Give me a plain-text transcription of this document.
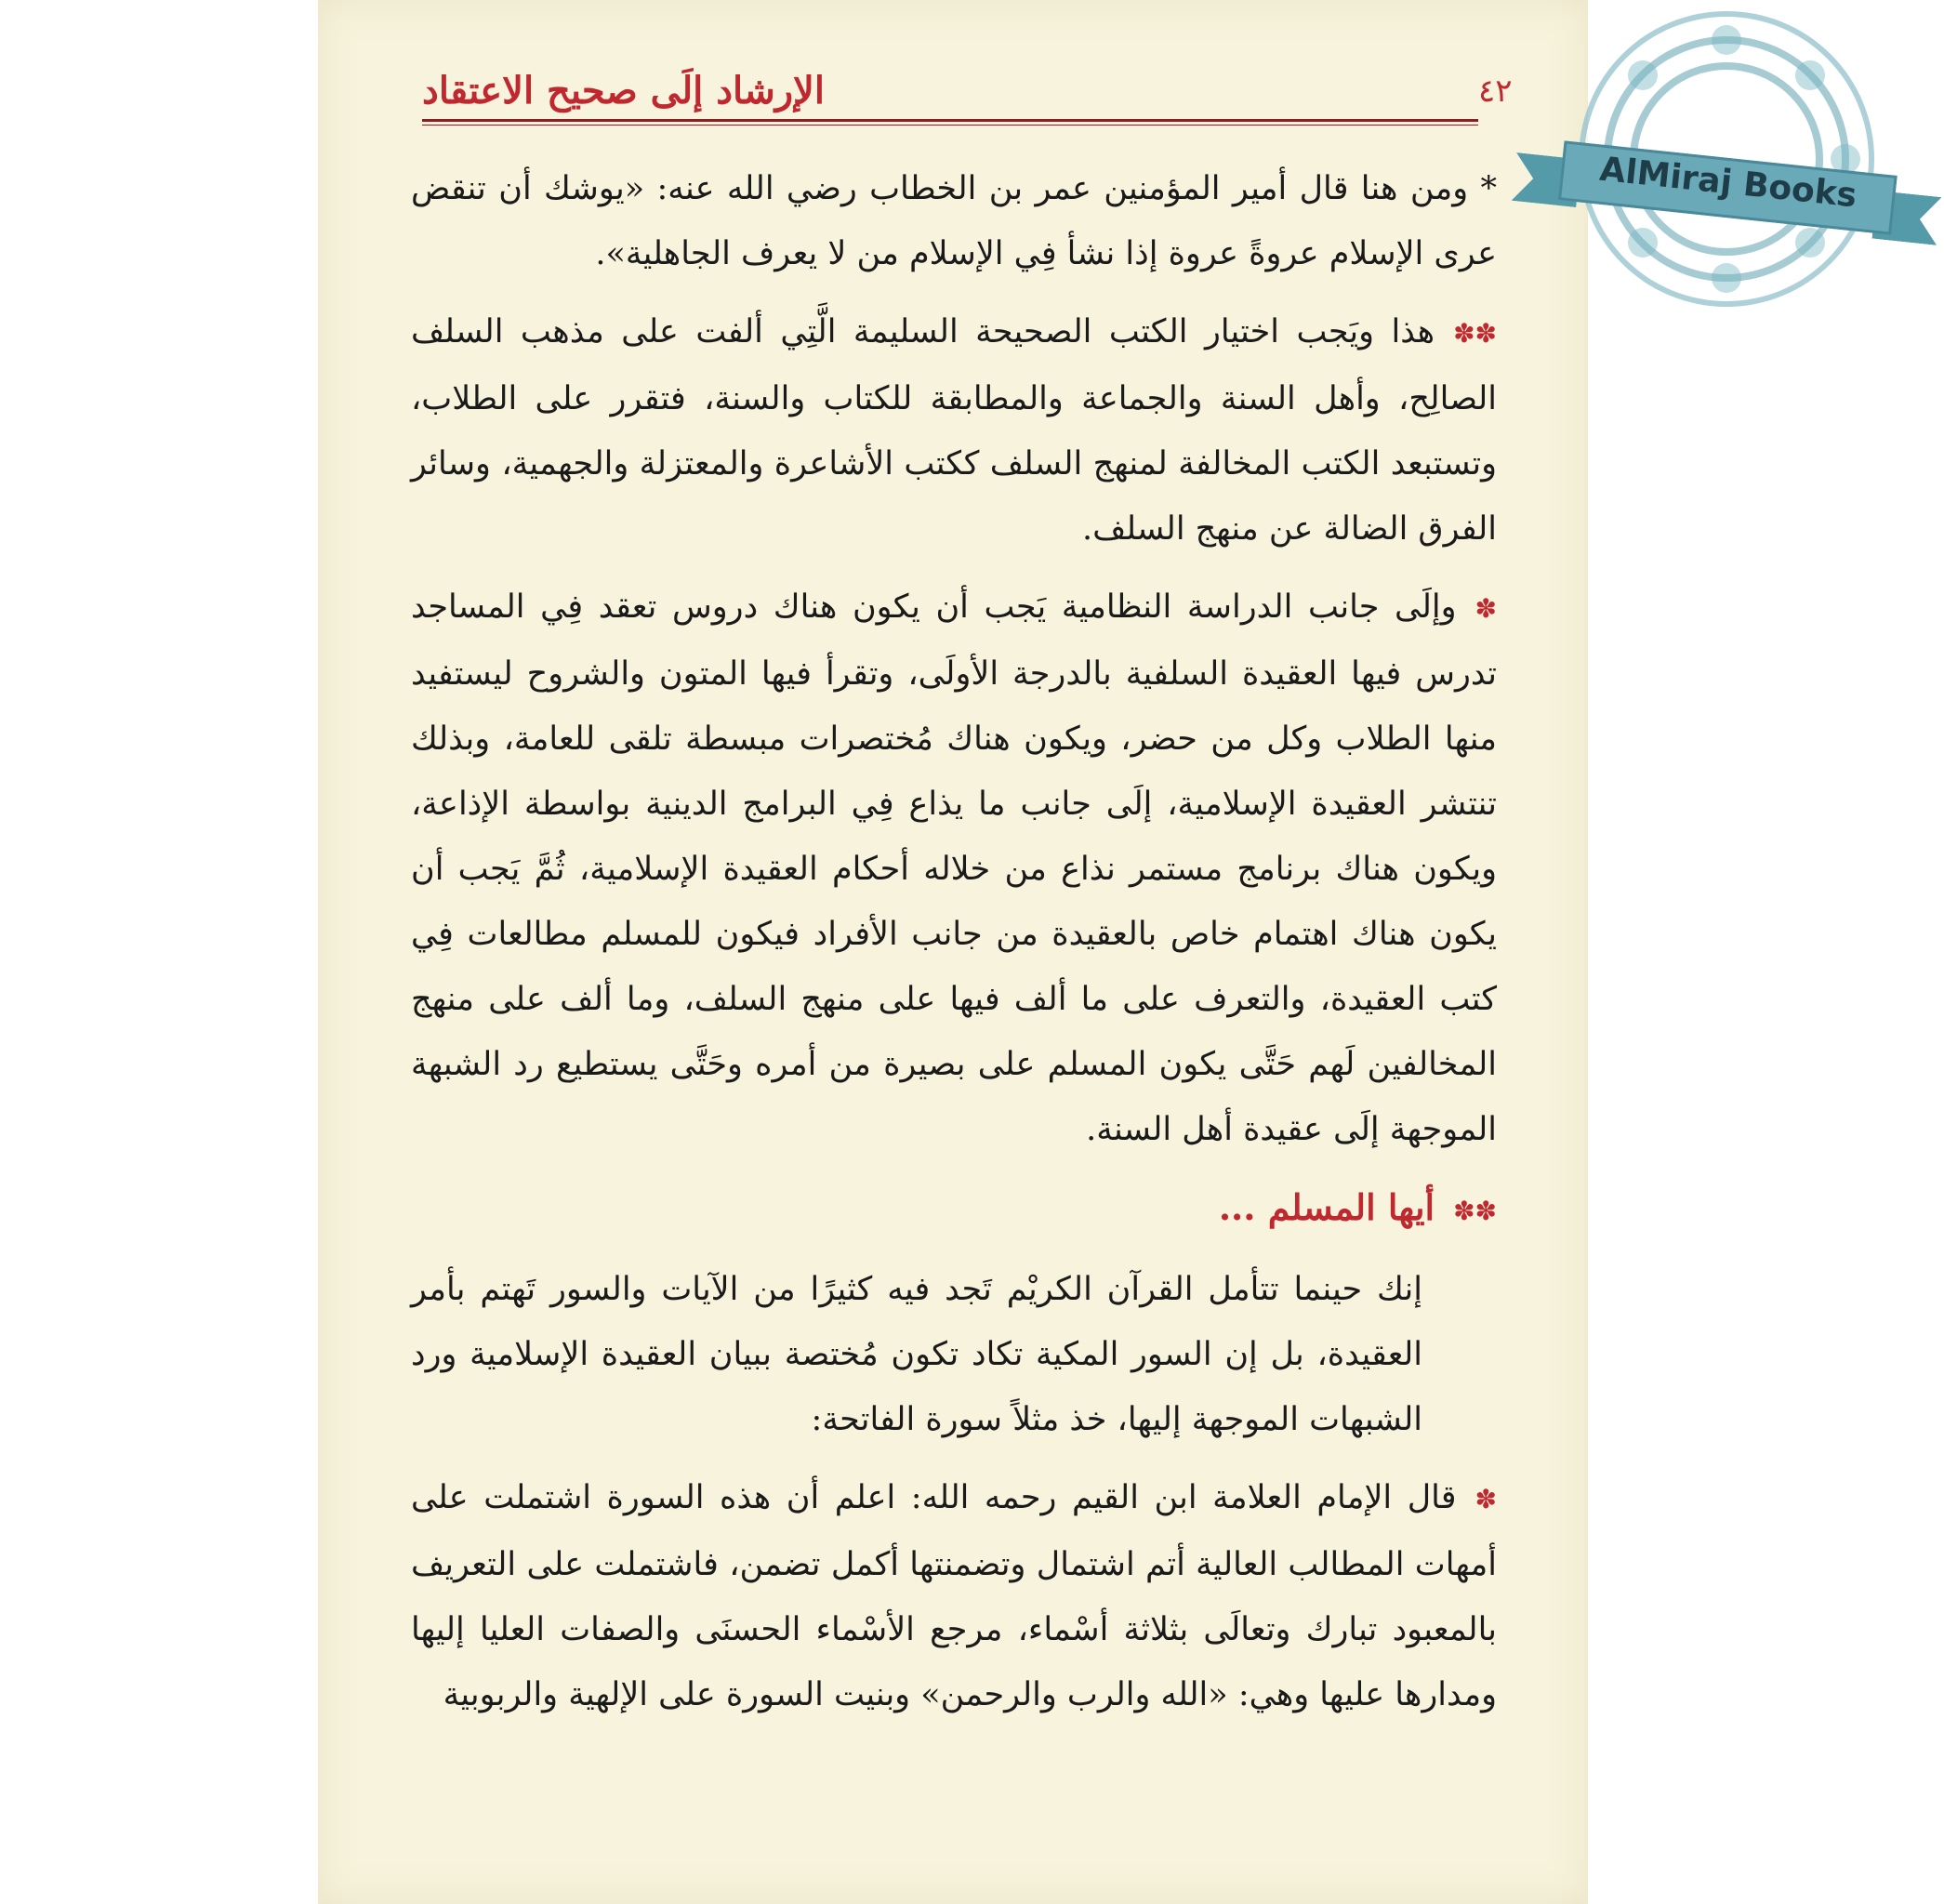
٤٢
الإرشاد إلَى صحيح الاعتقاد

* ومن هنا قال أمير المؤمنين عمر بن الخطاب رضي الله عنه: «يوشك أن تنقض عرى الإسلام عروةً عروة إذا نشأ فِي الإسلام من لا يعرف الجاهلية».

✽✽هذا ويَجب اختيار الكتب الصحيحة السليمة الَّتِي ألفت على مذهب السلف الصالِح، وأهل السنة والجماعة والمطابقة للكتاب والسنة، فتقرر على الطلاب، وتستبعد الكتب المخالفة لمنهج السلف ككتب الأشاعرة والمعتزلة والجهمية، وسائر الفرق الضالة عن منهج السلف.

✽وإلَى جانب الدراسة النظامية يَجب أن يكون هناك دروس تعقد فِي المساجد تدرس فيها العقيدة السلفية بالدرجة الأولَى، وتقرأ فيها المتون والشروح ليستفيد منها الطلاب وكل من حضر، ويكون هناك مُختصرات مبسطة تلقى للعامة، وبذلك تنتشر العقيدة الإسلامية، إلَى جانب ما يذاع فِي البرامج الدينية بواسطة الإذاعة، ويكون هناك برنامج مستمر نذاع من خلاله أحكام العقيدة الإسلامية، ثُمَّ يَجب أن يكون هناك اهتمام خاص بالعقيدة من جانب الأفراد فيكون للمسلم مطالعات فِي كتب العقيدة، والتعرف على ما ألف فيها على منهج السلف، وما ألف على منهج المخالفين لَهم حَتَّى يكون المسلم على بصيرة من أمره وحَتَّى يستطيع رد الشبهة الموجهة إلَى عقيدة أهل السنة.

✽✽أيها المسلم ...

إنك حينما تتأمل القرآن الكريْم تَجد فيه كثيرًا من الآيات والسور تَهتم بأمر العقيدة، بل إن السور المكية تكاد تكون مُختصة ببيان العقيدة الإسلامية ورد الشبهات الموجهة إليها، خذ مثلاً سورة الفاتحة:

✽قال الإمام العلامة ابن القيم رحمه الله: اعلم أن هذه السورة اشتملت على أمهات المطالب العالية أتم اشتمال وتضمنتها أكمل تضمن، فاشتملت على التعريف بالمعبود تبارك وتعالَى بثلاثة أسْماء، مرجع الأسْماء الحسنَى والصفات العليا إليها ومدارها عليها وهي: «الله والرب والرحمن» وبنيت السورة على الإلهية والربوبية

AlMiraj Books
